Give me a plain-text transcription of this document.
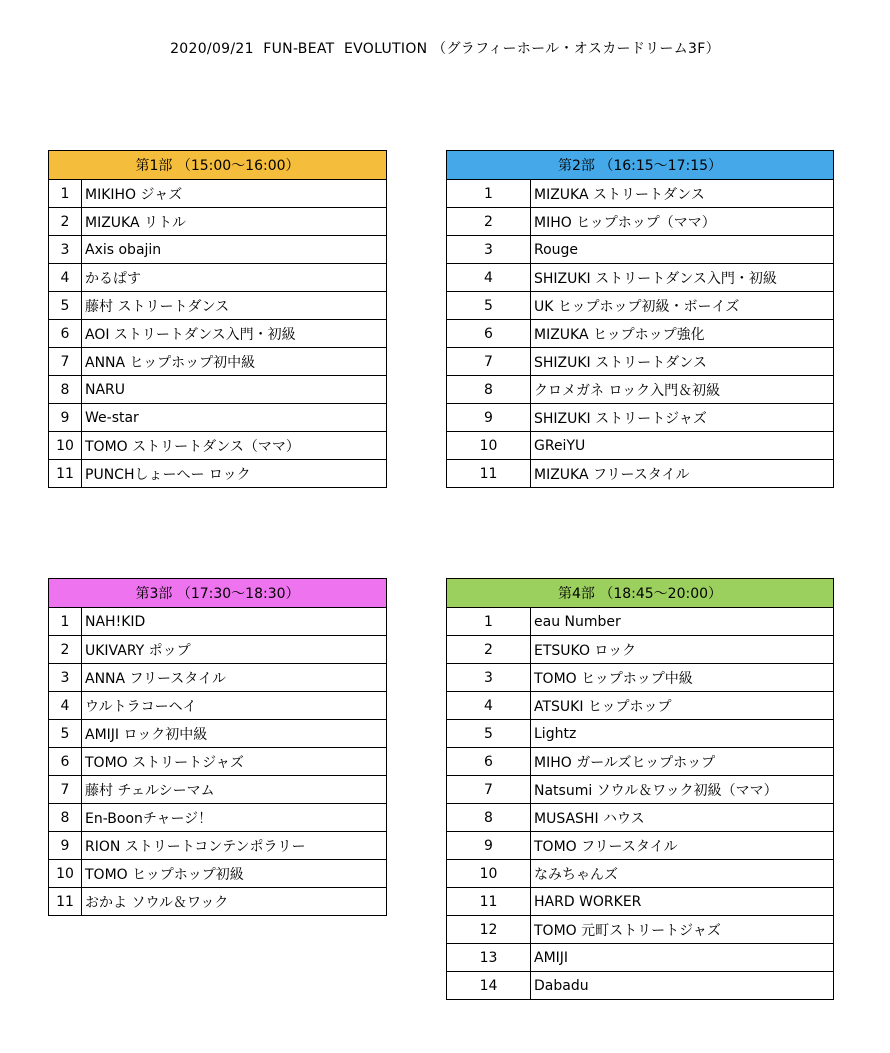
2020/09/21  FUN-BEAT  EVOLUTION （グラフィーホール・オスカードリーム3F）
第1部 （15:00～16:00）	
1	MIKIHO ジャズ
2	MIZUKA リトル
3	Axis obajin
4	かるぱす
5	藤村 ストリートダンス
6	AOI ストリートダンス入門・初級
7	ANNA ヒップホップ初中級
8	NARU
9	We-star
10	TOMO ストリートダンス（ママ）
11	PUNCHしょーへー ロック
第2部 （16:15～17:15）	
1	MIZUKA ストリートダンス
2	MIHO ヒップホップ（ママ）
3	Rouge
4	SHIZUKI ストリートダンス入門・初級
5	UK ヒップホップ初級・ボーイズ
6	MIZUKA ヒップホップ強化
7	SHIZUKI ストリートダンス
8	クロメガネ ロック入門＆初級
9	SHIZUKI ストリートジャズ
10	GReiYU
11	MIZUKA フリースタイル
第3部 （17:30～18:30）	
1	NAH!KID
2	UKIVARY ポップ
3	ANNA フリースタイル
4	ウルトラコーヘイ
5	AMIJI ロック初中級
6	TOMO ストリートジャズ
7	藤村 チェルシーマム
8	En-Boonチャージ！
9	RION ストリートコンテンポラリー
10	TOMO ヒップホップ初級
11	おかよ ソウル＆ワック
第4部 （18:45～20:00）	
1	eau Number
2	ETSUKO ロック
3	TOMO ヒップホップ中級
4	ATSUKI ヒップホップ
5	Lightz
6	MIHO ガールズヒップホップ
7	Natsumi ソウル＆ワック初級（ママ）
8	MUSASHI ハウス
9	TOMO フリースタイル
10	なみちゃんズ
11	HARD WORKER
12	TOMO 元町ストリートジャズ
13	AMIJI
14	Dabadu
